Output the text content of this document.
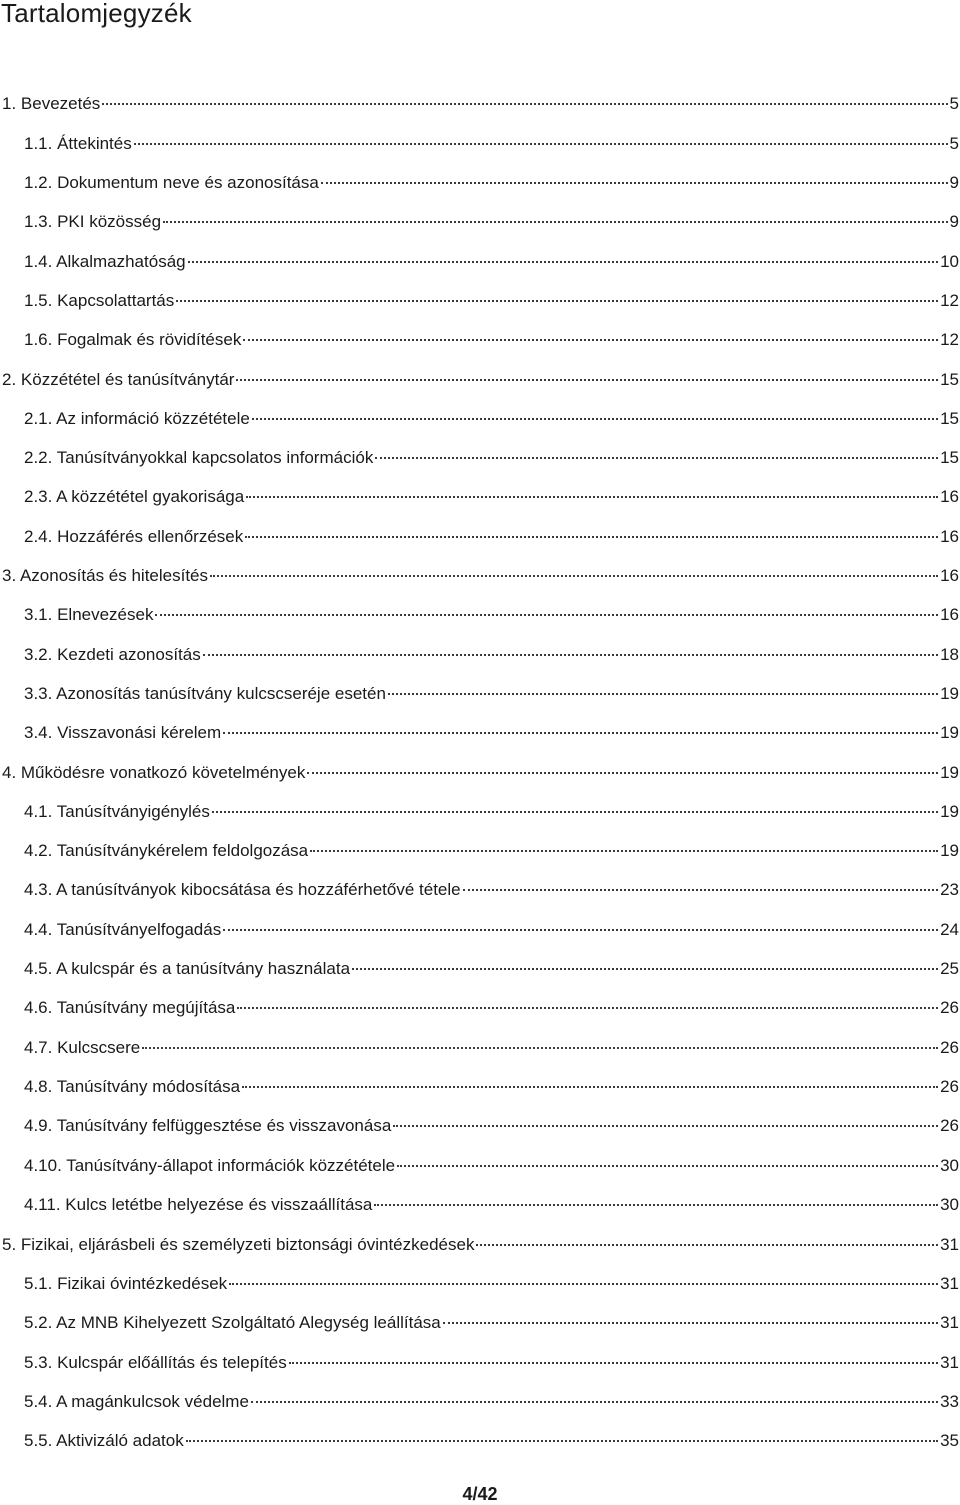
Tartalomjegyzék
1. Bevezetés	5
1.1. Áttekintés	5
1.2. Dokumentum neve és azonosítása	9
1.3. PKI közösség	9
1.4. Alkalmazhatóság	10
1.5. Kapcsolattartás	12
1.6. Fogalmak és rövidítések	12
2. Közzététel és tanúsítványtár	15
2.1. Az információ közzététele	15
2.2. Tanúsítványokkal kapcsolatos információk	15
2.3. A közzététel gyakorisága	16
2.4. Hozzáférés ellenőrzések	16
3. Azonosítás és hitelesítés	16
3.1. Elnevezések	16
3.2. Kezdeti azonosítás	18
3.3. Azonosítás tanúsítvány kulcscseréje esetén	19
3.4. Visszavonási kérelem	19
4. Működésre vonatkozó követelmények	19
4.1. Tanúsítványigénylés	19
4.2. Tanúsítványkérelem feldolgozása	19
4.3. A tanúsítványok kibocsátása és hozzáférhetővé tétele	23
4.4. Tanúsítványelfogadás	24
4.5. A kulcspár és a tanúsítvány használata	25
4.6. Tanúsítvány megújítása	26
4.7. Kulcscsere	26
4.8. Tanúsítvány módosítása	26
4.9. Tanúsítvány felfüggesztése és visszavonása	26
4.10. Tanúsítvány-állapot információk közzététele	30
4.11. Kulcs letétbe helyezése és visszaállítása	30
5. Fizikai, eljárásbeli és személyzeti biztonsági óvintézkedések	31
5.1. Fizikai óvintézkedések	31
5.2. Az MNB Kihelyezett Szolgáltató Alegység leállítása	31
5.3. Kulcspár előállítás és telepítés	31
5.4. A magánkulcsok védelme	33
5.5. Aktivizáló adatok	35
4/42
